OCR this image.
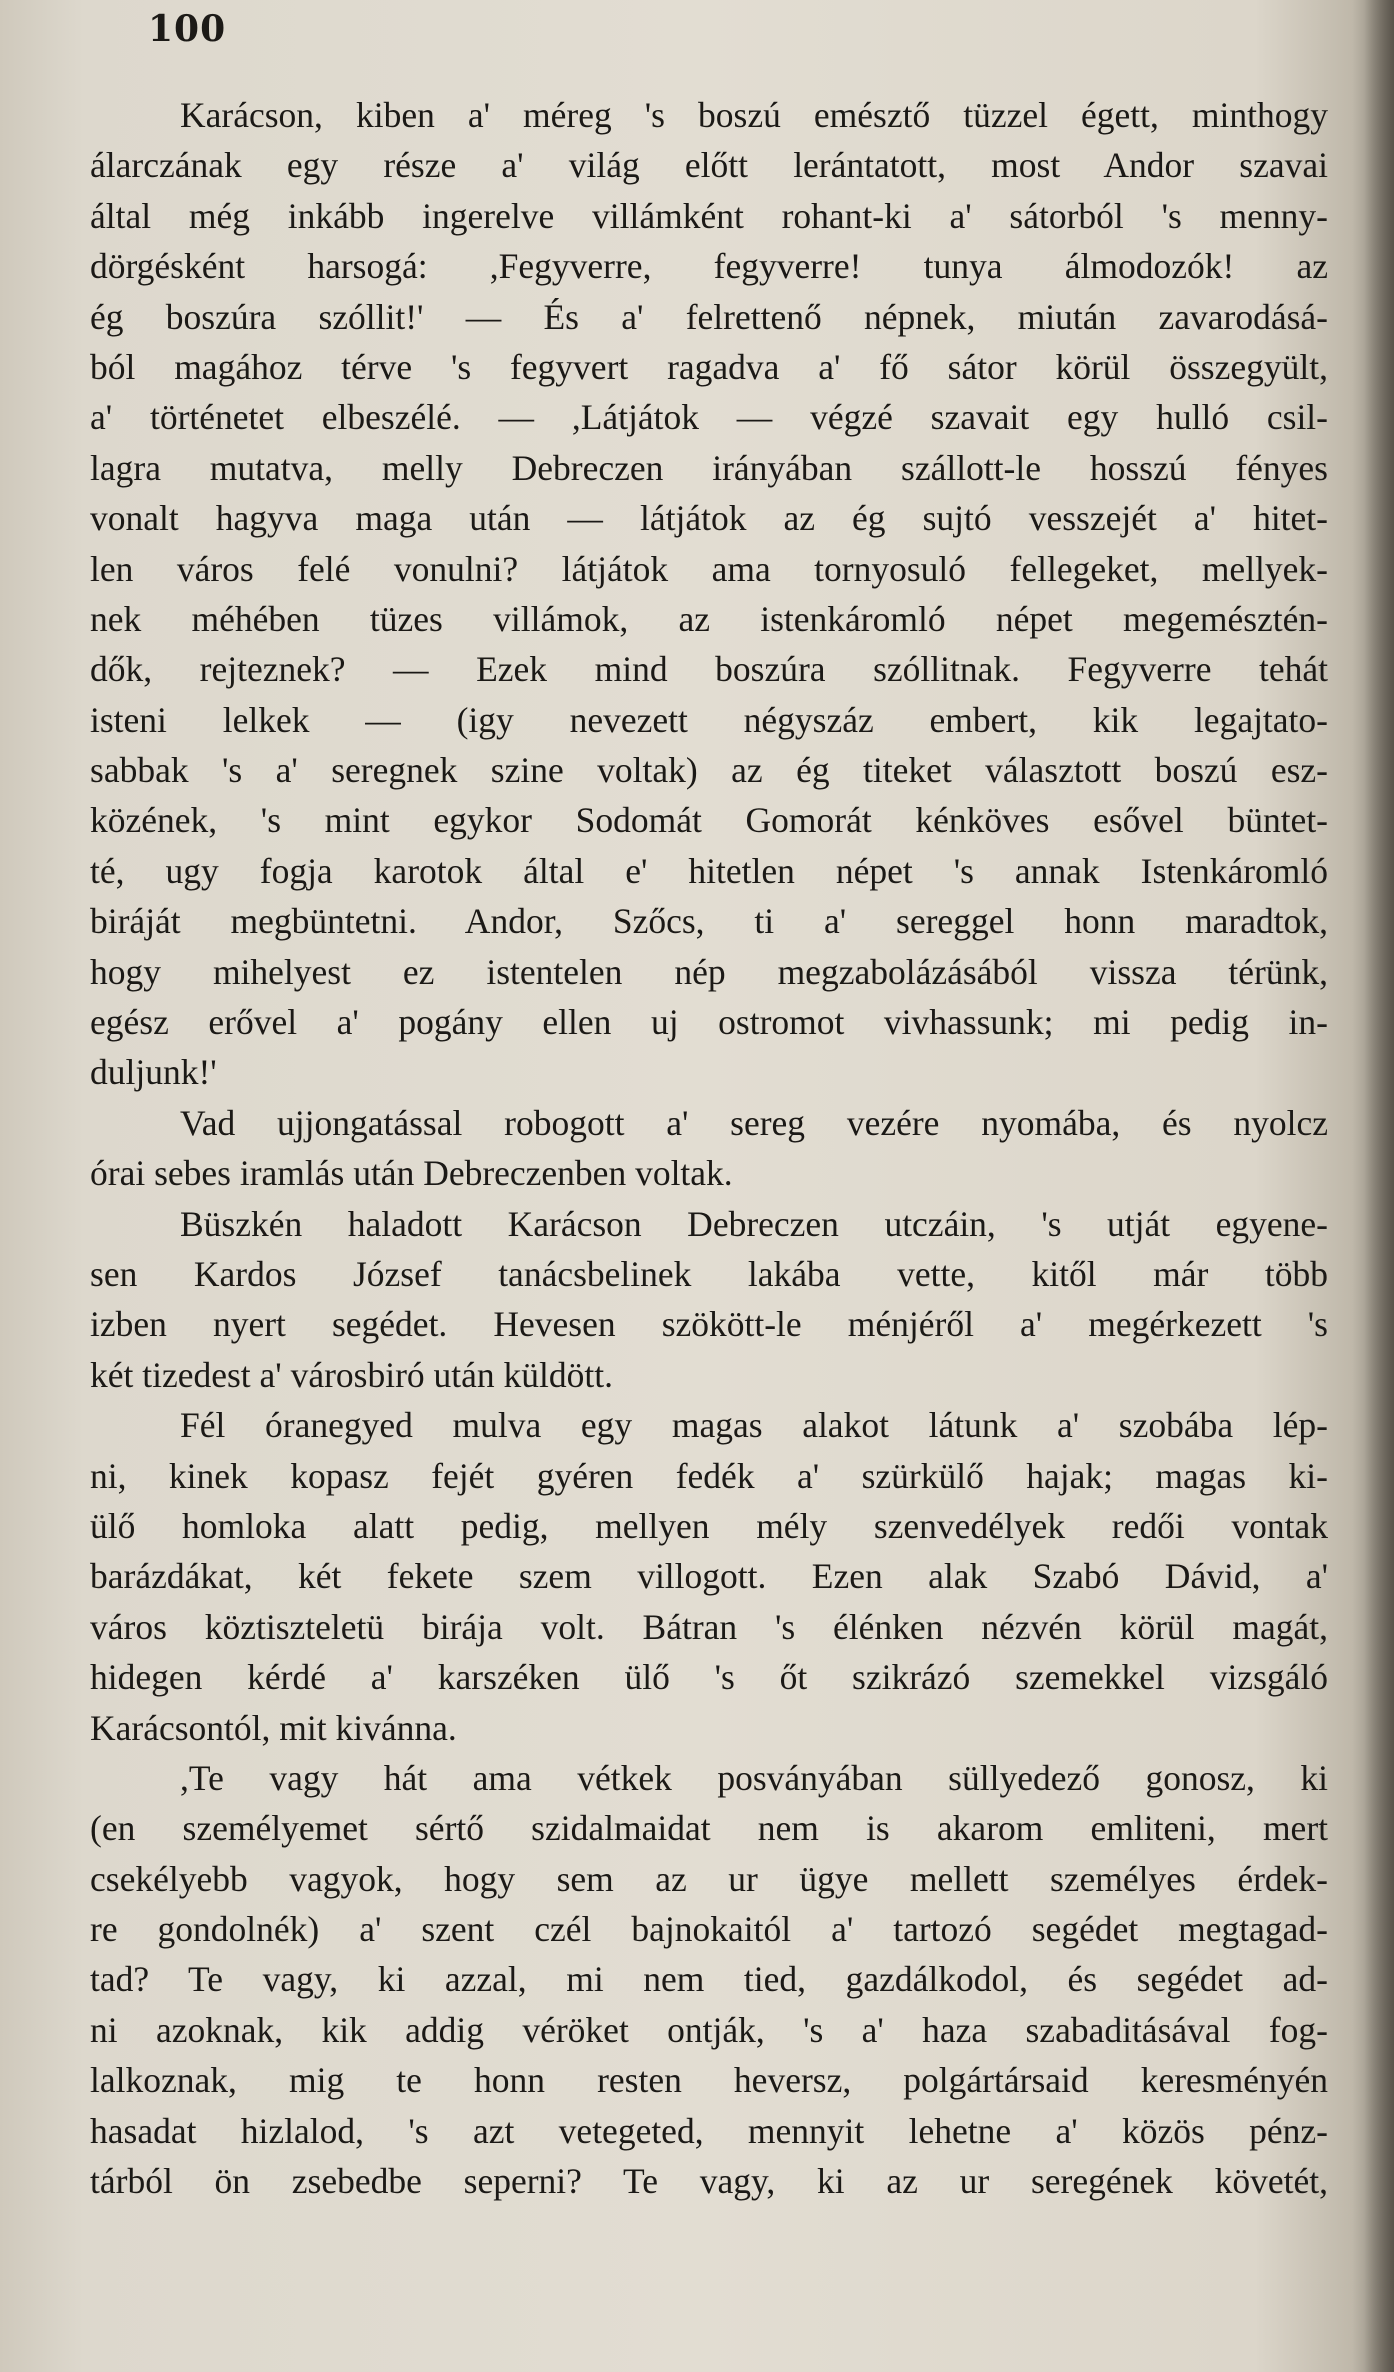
100
Karácson, kiben a' méreg 's boszú emésztő tüzzel égett, minthogy
álarczának egy része a' világ előtt lerántatott, most Andor szavai
által még inkább ingerelve villámként rohant-ki a' sátorból 's menny-
dörgésként harsogá: ,Fegyverre, fegyverre! tunya álmodozók! az
ég boszúra szóllit!' — És a' felrettenő népnek, miután zavarodásá-
ból magához térve 's fegyvert ragadva a' fő sátor körül összegyült,
a' történetet elbeszélé. — ,Látjátok — végzé szavait egy hulló csil-
lagra mutatva, melly Debreczen irányában szállott-le hosszú fényes
vonalt hagyva maga után — látjátok az ég sujtó vesszejét a' hitet-
len város felé vonulni? látjátok ama tornyosuló fellegeket, mellyek-
nek méhében tüzes villámok, az istenkáromló népet megemésztén-
dők, rejteznek? — Ezek mind boszúra szóllitnak. Fegyverre tehát
isteni lelkek — (igy nevezett négyszáz embert, kik legajtato-
sabbak 's a' seregnek szine voltak) az ég titeket választott boszú esz-
közének, 's mint egykor Sodomát Gomorát kénköves esővel büntet-
té, ugy fogja karotok által e' hitetlen népet 's annak Istenkáromló
biráját megbüntetni. Andor, Szőcs, ti a' sereggel honn maradtok,
hogy mihelyest ez istentelen nép megzabolázásából vissza térünk,
egész erővel a' pogány ellen uj ostromot vivhassunk; mi pedig in-
duljunk!'
Vad ujjongatással robogott a' sereg vezére nyomába, és nyolcz
órai sebes iramlás után Debreczenben voltak.
Büszkén haladott Karácson Debreczen utczáin, 's utját egyene-
sen Kardos József tanácsbelinek lakába vette, kitől már több
izben nyert segédet. Hevesen szökött-le ménjéről a' megérkezett 's
két tizedest a' városbiró után küldött.
Fél óranegyed mulva egy magas alakot látunk a' szobába lép-
ni, kinek kopasz fejét gyéren fedék a' szürkülő hajak; magas ki-
ülő homloka alatt pedig, mellyen mély szenvedélyek redői vontak
barázdákat, két fekete szem villogott. Ezen alak Szabó Dávid, a'
város köztiszteletü birája volt. Bátran 's élénken nézvén körül magát,
hidegen kérdé a' karszéken ülő 's őt szikrázó szemekkel vizsgáló
Karácsontól, mit kivánna.
,Te vagy hát ama vétkek posványában süllyedező gonosz, ki
(en személyemet sértő szidalmaidat nem is akarom emliteni, mert
csekélyebb vagyok, hogy sem az ur ügye mellett személyes érdek-
re gondolnék) a' szent czél bajnokaitól a' tartozó segédet megtagad-
tad? Te vagy, ki azzal, mi nem tied, gazdálkodol, és segédet ad-
ni azoknak, kik addig véröket ontják, 's a' haza szabaditásával fog-
lalkoznak, mig te honn resten heversz, polgártársaid keresményén
hasadat hizlalod, 's azt vetegeted, mennyit lehetne a' közös pénz-
tárból ön zsebedbe seperni? Te vagy, ki az ur seregének követét,
